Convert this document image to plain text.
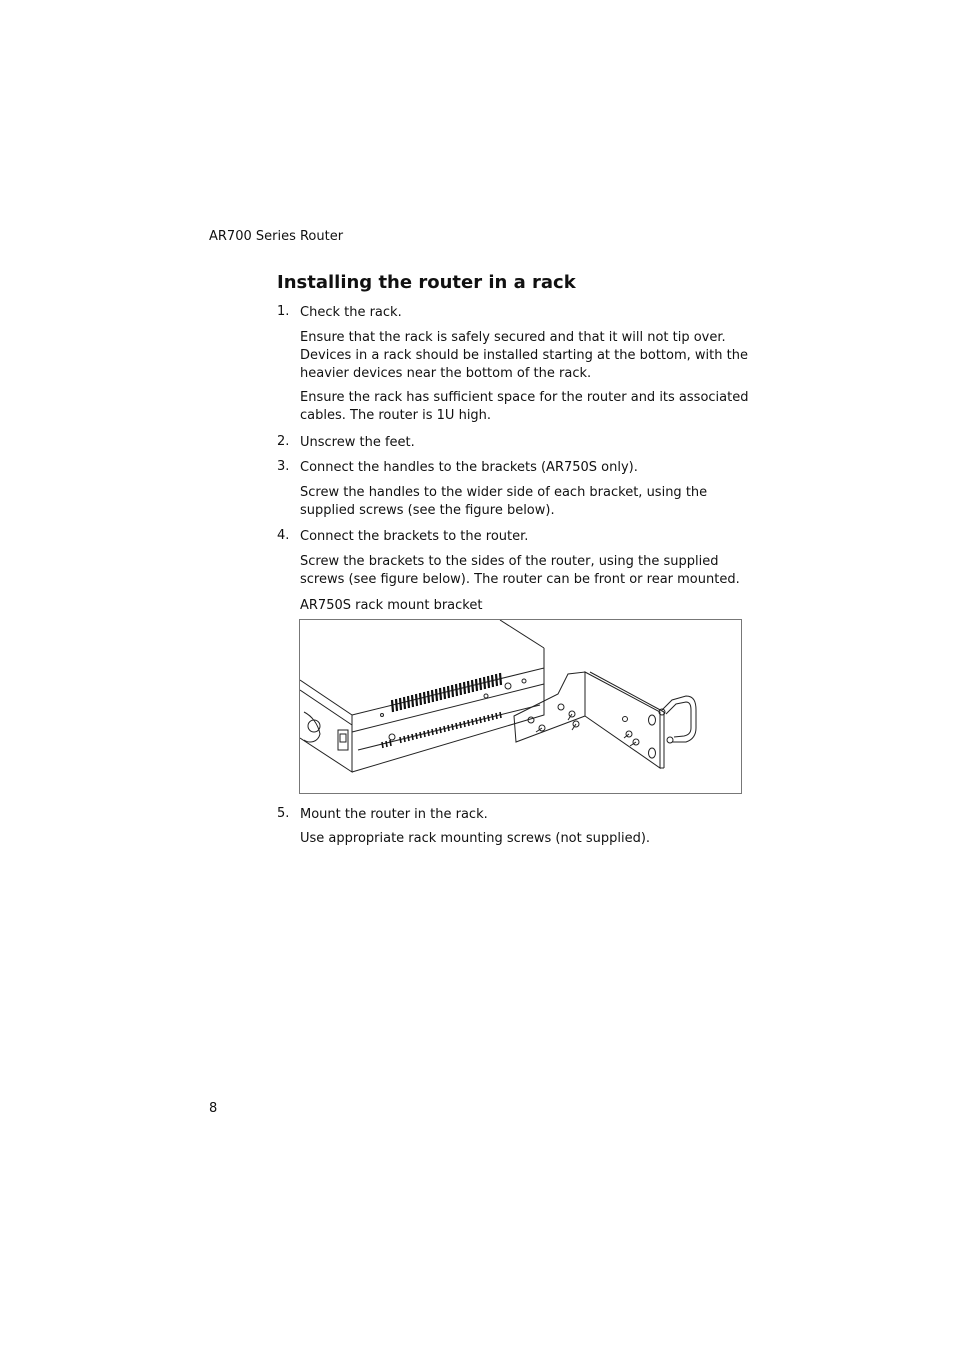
AR700 Series Router
Installing the router in a rack
1. Check the rack.

Ensure that the rack is safely secured and that it will not tip over. Devices in a rack should be installed starting at the bottom, with the heavier devices near the bottom of the rack.

Ensure the rack has sufficient space for the router and its associated cables. The router is 1U high.

2. Unscrew the feet.

3. Connect the handles to the brackets (AR750S only).

Screw the handles to the wider side of each bracket, using the supplied screws (see the figure below).

4. Connect the brackets to the router.

Screw the brackets to the sides of the router, using the supplied screws (see figure below). The router can be front or rear mounted.

AR750S rack mount bracket
5. Mount the router in the rack.

Use appropriate rack mounting screws (not supplied).

8
